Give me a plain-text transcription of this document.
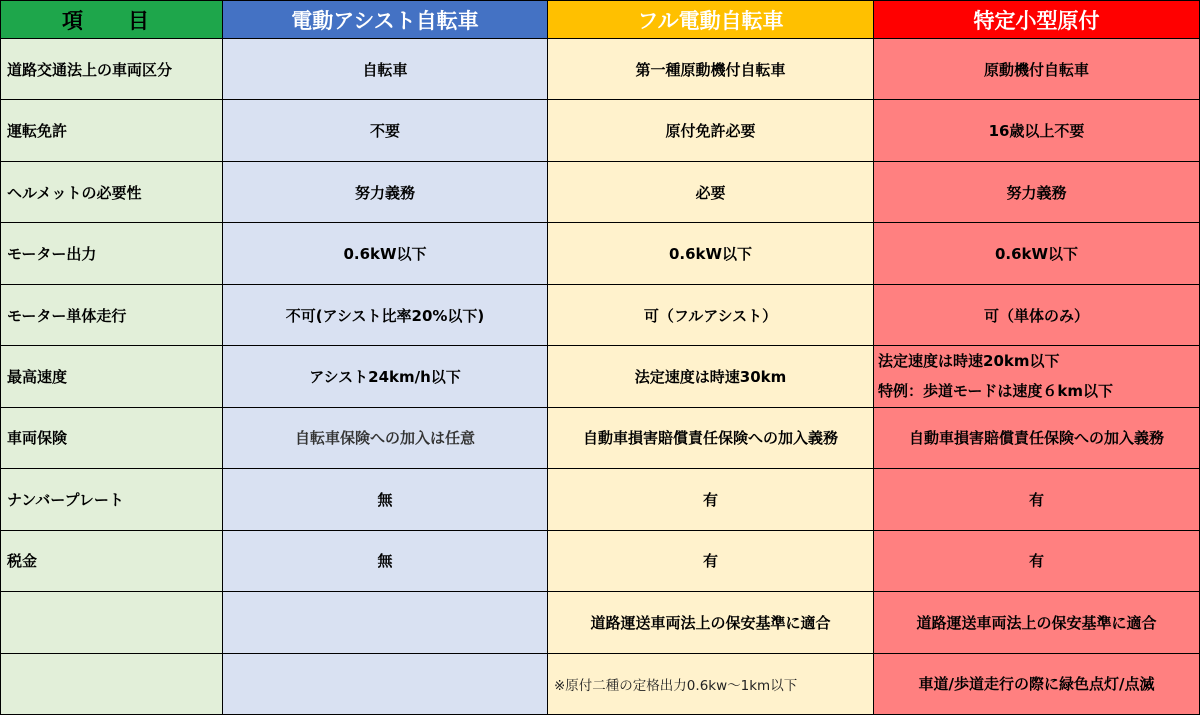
項　目	電動アシスト自転車	フル電動自転車	特定小型原付
道路交通法上の車両区分	自転車	第一種原動機付自転車	原動機付自転車
運転免許	不要	原付免許必要	16歳以上不要
ヘルメットの必要性	努力義務	必要	努力義務
モーター出力	0.6kW以下	0.6kW以下	0.6kW以下
モーター単体走行	不可(アシスト比率20%以下)	可（フルアシスト）	可（単体のみ）
最高速度	アシスト24km/h以下	法定速度は時速30km	法定速度は時速20km以下
特例：歩道モードは速度６km以下

車両保険	自転車保険への加入は任意	自動車損害賠償責任保険への加入義務	自動車損害賠償責任保険への加入義務
ナンバープレート	無	有	有
税金	無	有	有
		道路運送車両法上の保安基準に適合	道路運送車両法上の保安基準に適合
		※原付二種の定格出力0.6kw〜1km以下	車道/歩道走行の際に緑色点灯/点滅
